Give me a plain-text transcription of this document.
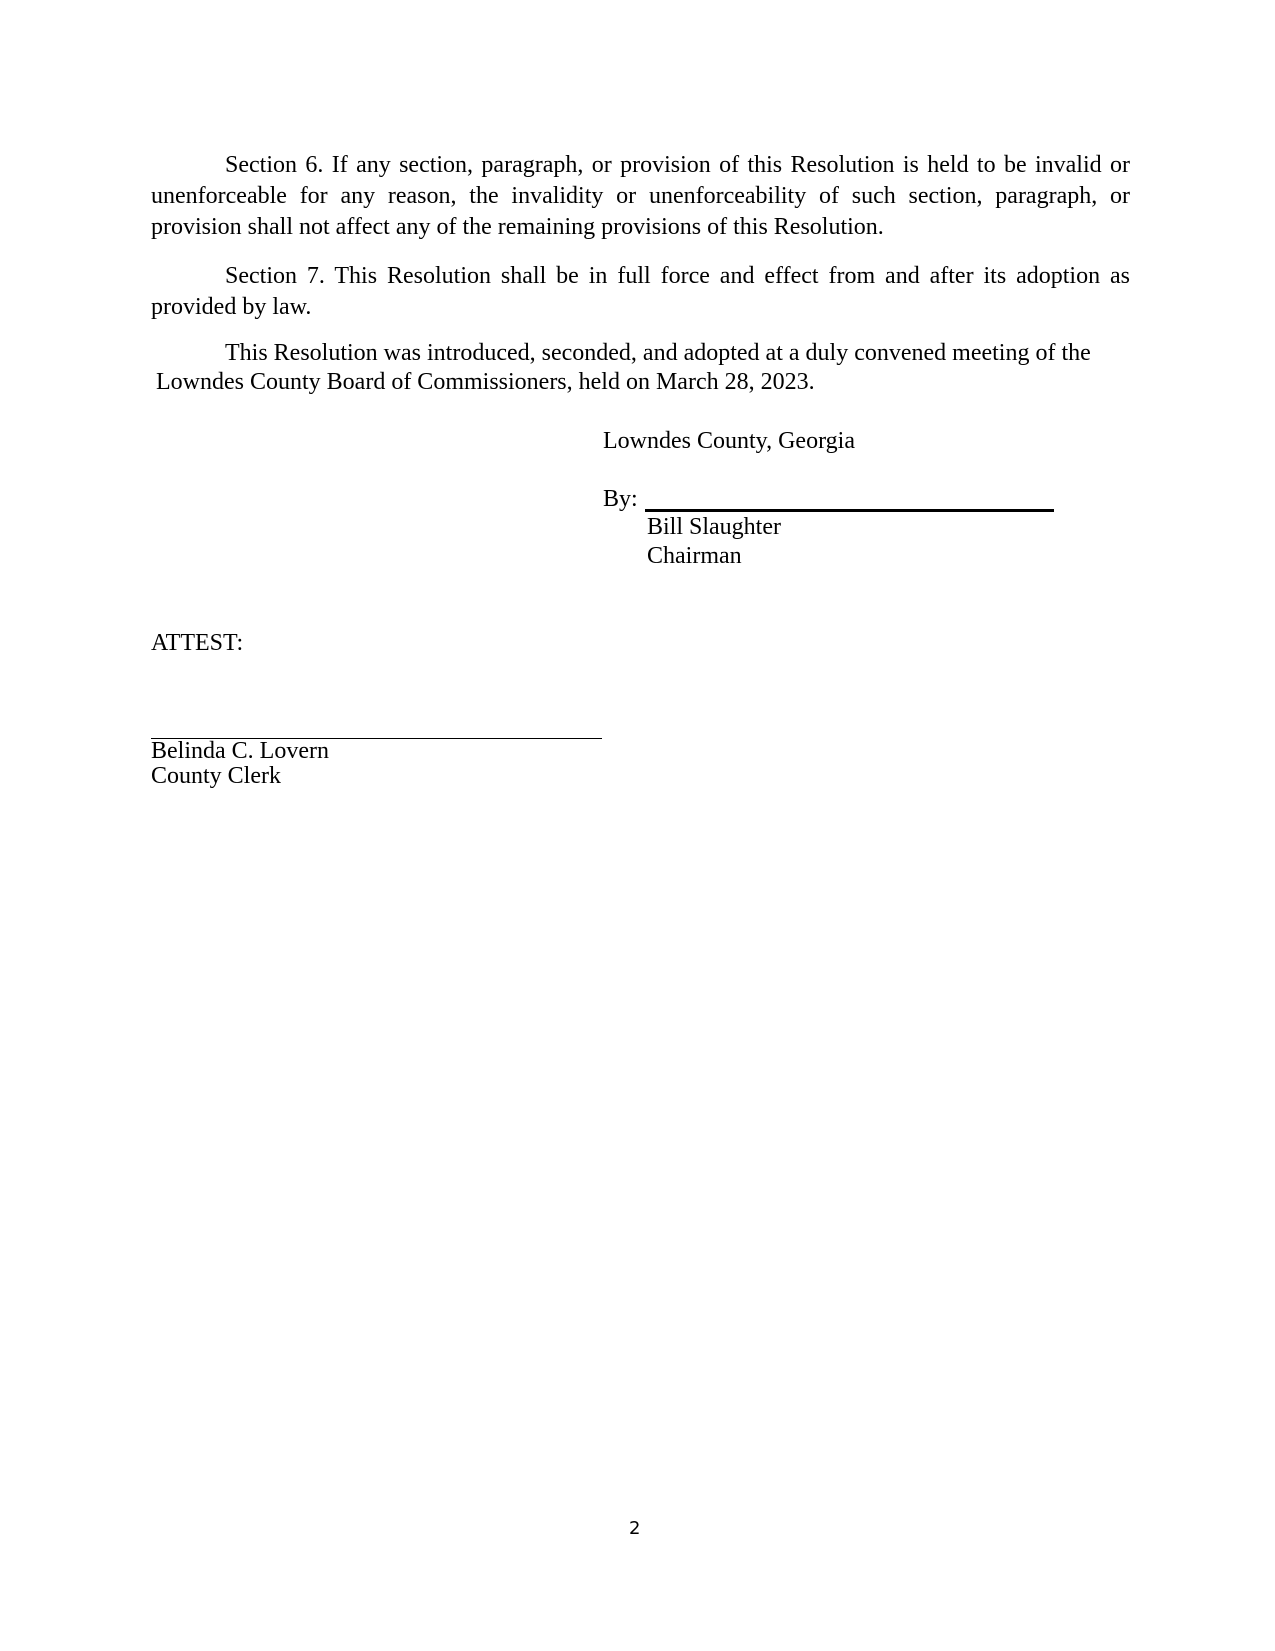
Section 6. If any section, paragraph, or provision of this Resolution is held to be invalid or unenforceable for any reason, the invalidity or unenforceability of such section, paragraph, or provision shall not affect any of the remaining provisions of this Resolution.

Section 7. This Resolution shall be in full force and effect from and after its adoption as provided by law.

This Resolution was introduced, seconded, and adopted at a duly convened meeting of the
Lowndes County Board of Commissioners, held on March 28, 2023.
Lowndes County, Georgia
By:
Bill Slaughter
Chairman
ATTEST:
Belinda C. Lovern
County Clerk
2
